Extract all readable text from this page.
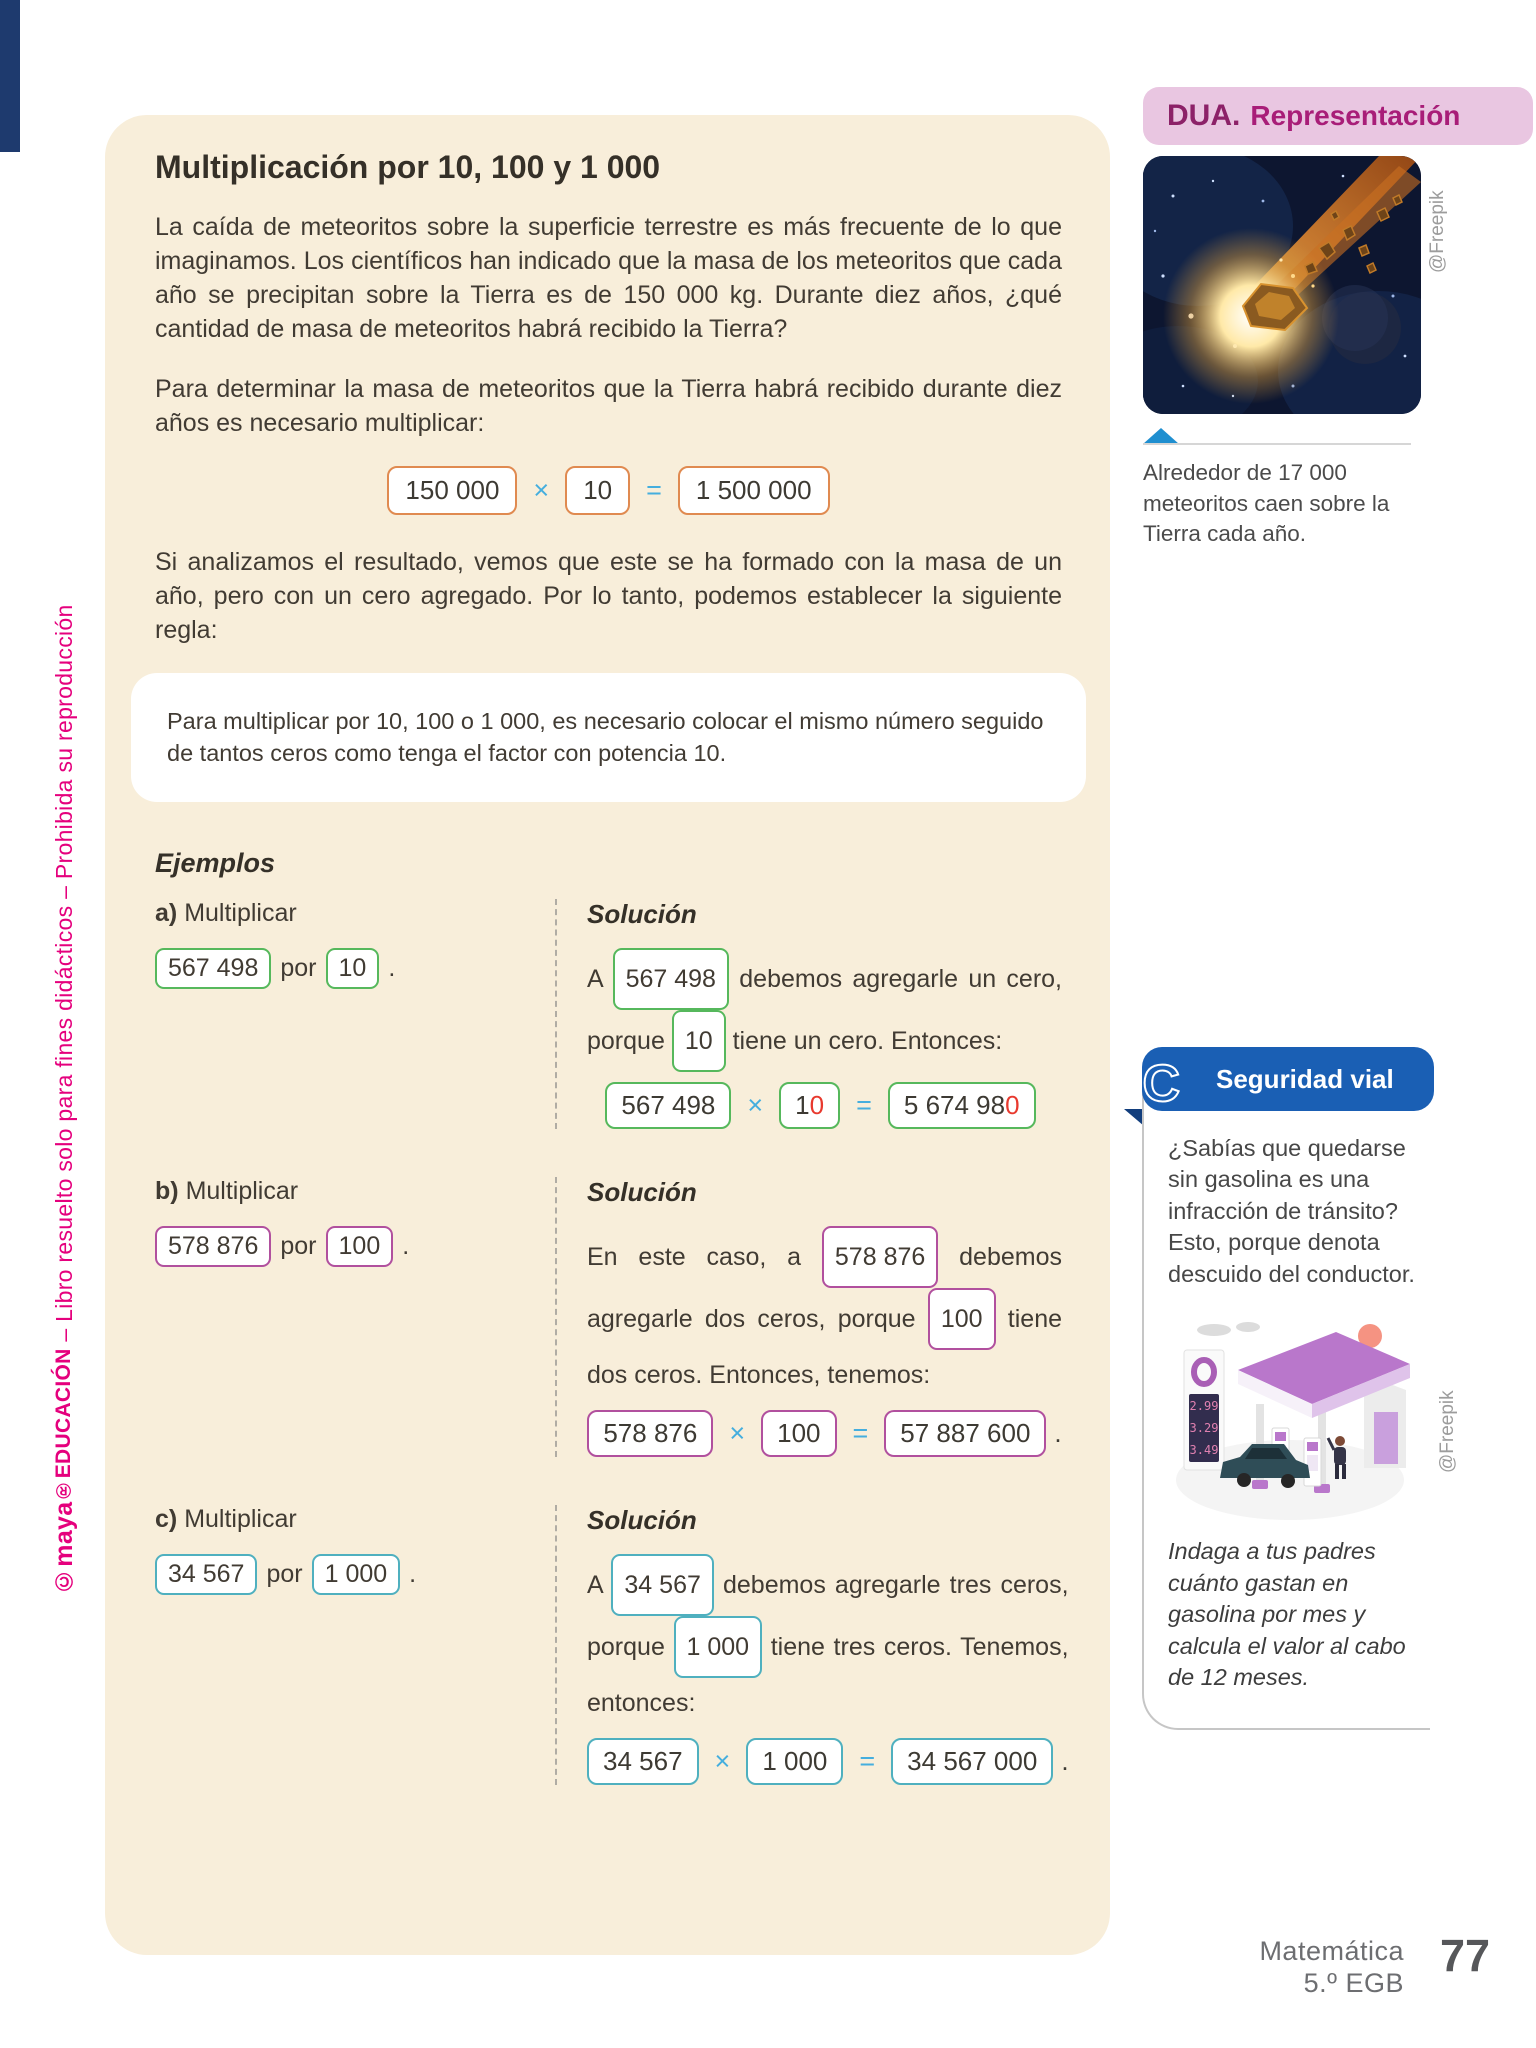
©maya®EDUCACIÓN – Libro resuelto solo para fines didácticos – Prohibida su reproducción
Multiplicación por 10, 100 y 1 000

La caída de meteoritos sobre la superficie terrestre es más frecuente de lo que imaginamos. Los científicos han indicado que la masa de los meteoritos que cada año se precipitan sobre la Tierra es de 150 000 kg. Durante diez años, ¿qué cantidad de masa de meteoritos habrá recibido la Tierra?

Para determinar la masa de meteoritos que la Tierra habrá recibido durante diez años es necesario multiplicar:

150 000	×	10	=	1 500 000

Si analizamos el resultado, vemos que este se ha formado con la masa de un año, pero con un cero agregado. Por lo tanto, podemos establecer la siguiente regla:

Para multiplicar por 10, 100 o 1 000, es necesario colocar el mismo número seguido de tantos ceros como tenga el factor con potencia 10.

Ejemplos

a) Multiplicar

567 498 por 10 .

Solución

A 567 498 debemos agregarle un cero, porque 10 tiene un cero. Entonces:

567 498	×	10	=	5 674 980

b) Multiplicar

578 876 por 100 .

Solución

En este caso, a 578 876 debemos agregarle dos ceros, porque 100 tiene dos ceros. Entonces, tenemos:

578 876	×	100	=	57 887 600 .

c) Multiplicar

34 567 por 1 000 .

Solución

A 34 567 debemos agregarle tres ceros, porque 1 000 tiene tres ceros. Tenemos, entonces:

34 567	×	1 000	=	34 567 000 .
DUA. Representación
@Freepik

Alrededor de 17 000 meteoritos caen sobre la Tierra cada año.

IC Seguridad vial

¿Sabías que quedarse sin gasolina es una infracción de tránsito? Esto, porque denota descuido del conductor.

2.99
3.29
3.49

Indaga a tus padres cuánto gastan en gasolina por mes y calcula el valor al cabo de 12 meses.

@Freepik
Matemática
5.º EGB
77
